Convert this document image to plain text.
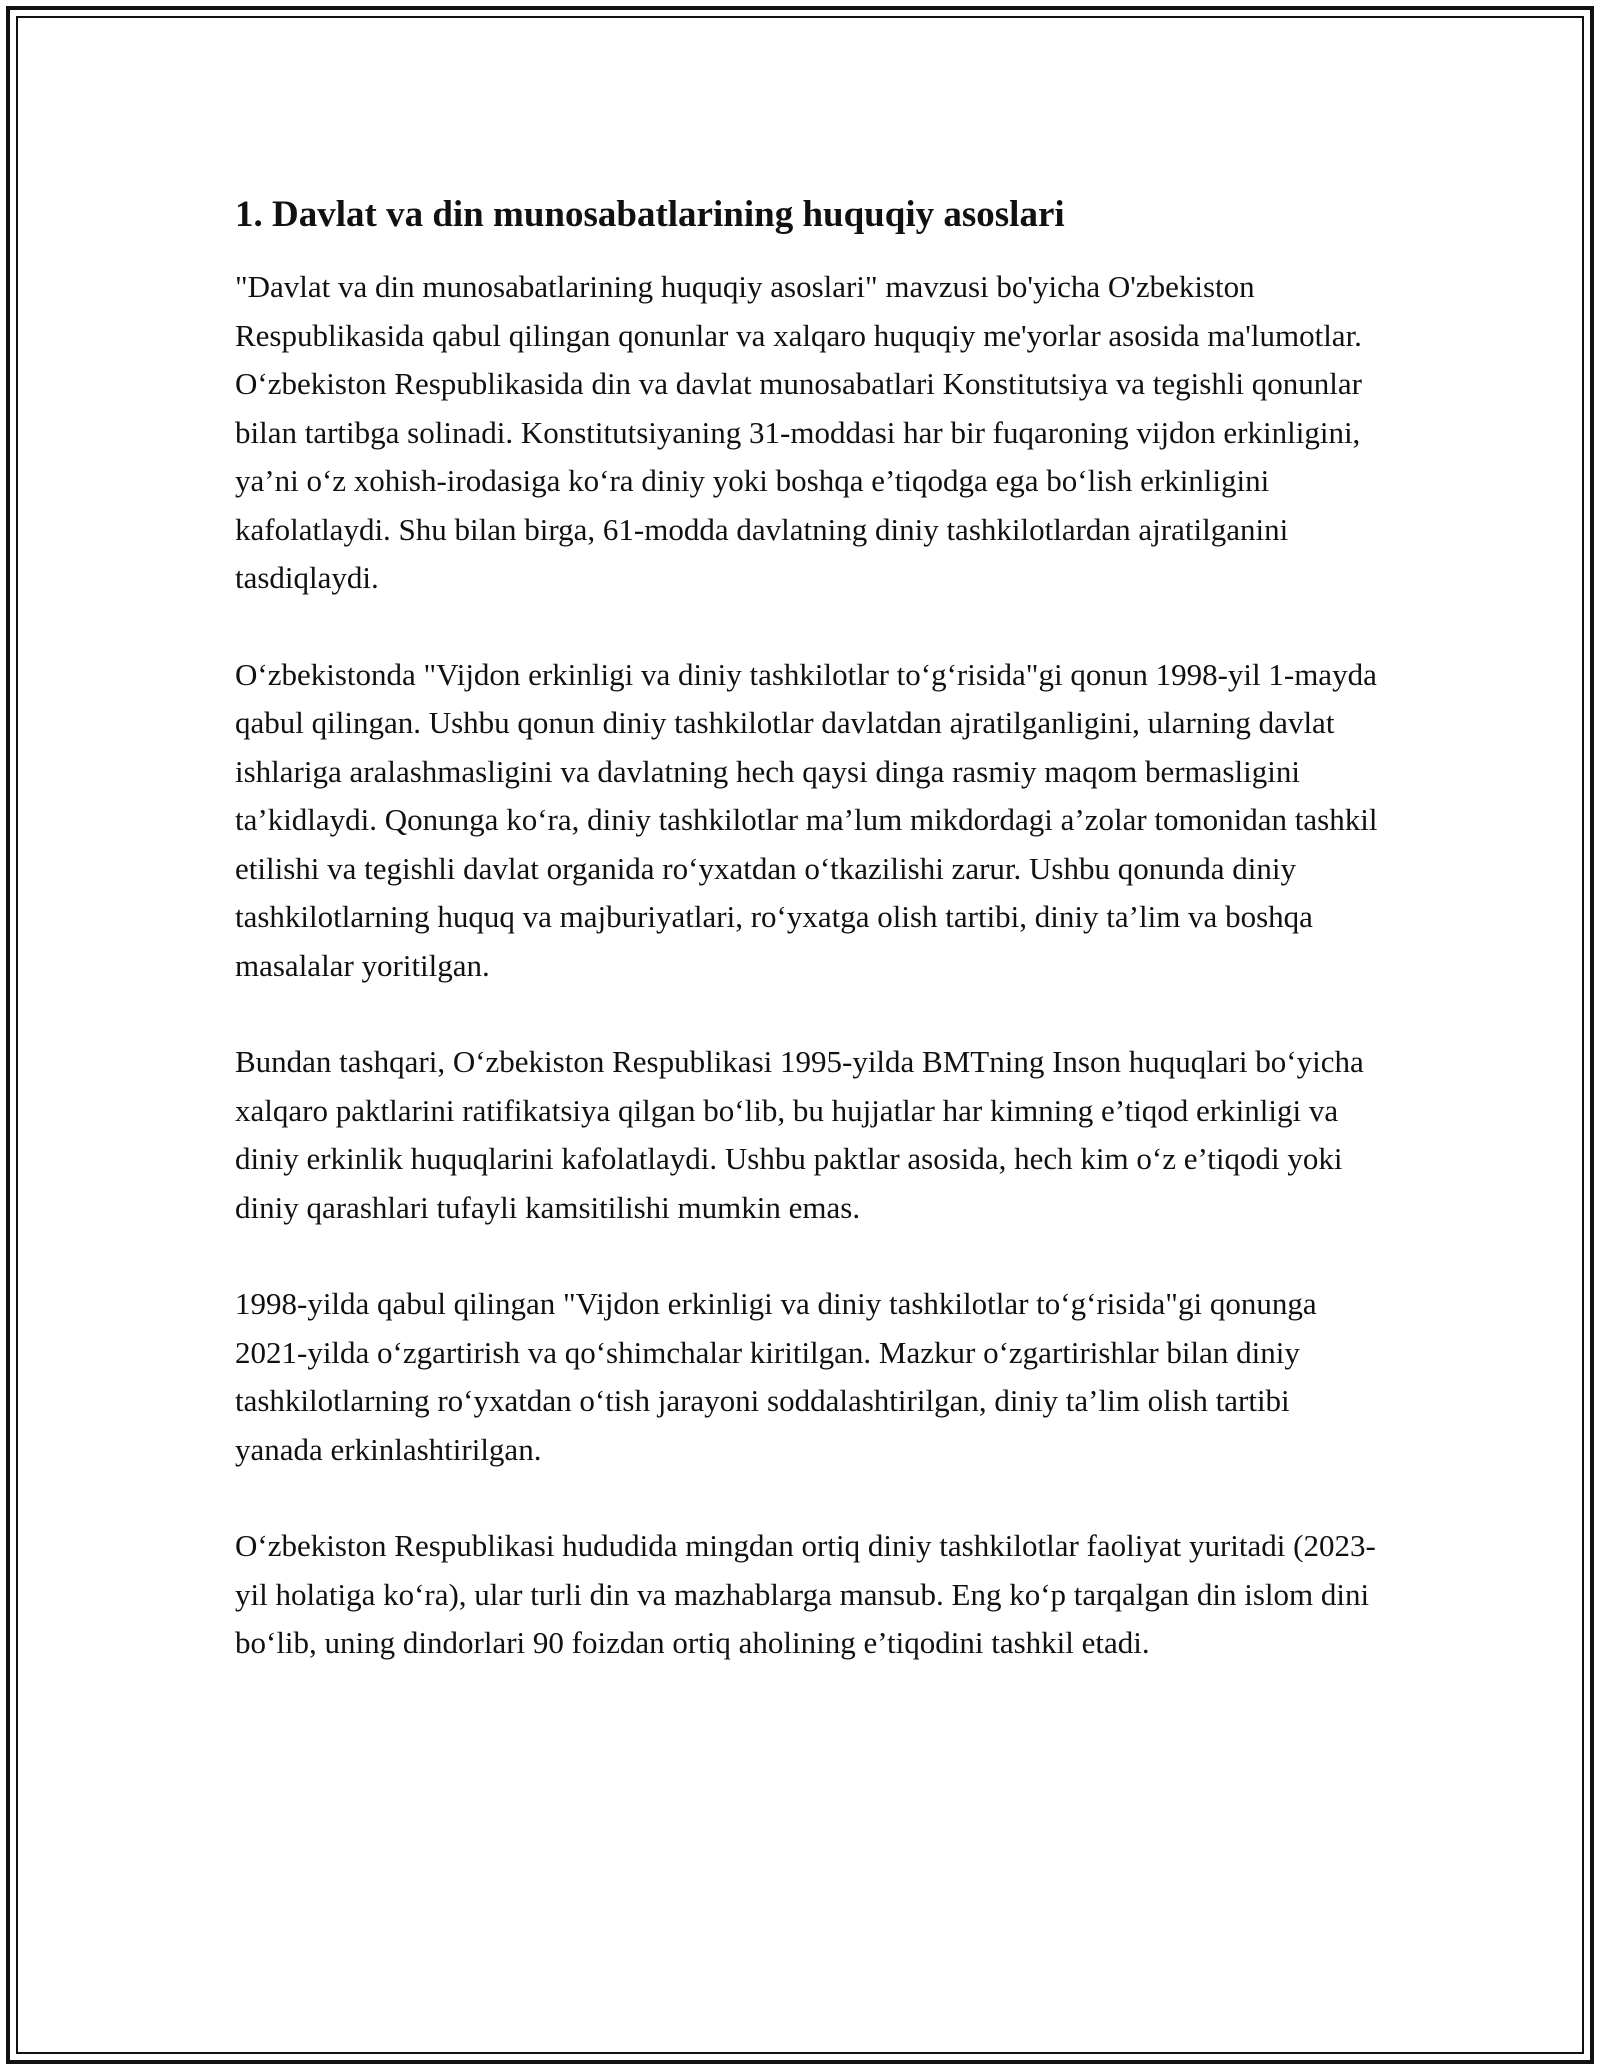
1. Davlat va din munosabatlarining huquqiy asoslari

"Davlat va din munosabatlarining huquqiy asoslari" mavzusi bo'yicha O'zbekiston Respublikasida qabul qilingan qonunlar va xalqaro huquqiy me'yorlar asosida ma'lumotlar. O‘zbekiston Respublikasida din va davlat munosabatlari Konstitutsiya va tegishli qonunlar bilan tartibga solinadi. Konstitutsiyaning 31-moddasi har bir fuqaroning vijdon erkinligini, ya’ni o‘z xohish-irodasiga ko‘ra diniy yoki boshqa e’tiqodga ega bo‘lish erkinligini kafolatlaydi. Shu bilan birga, 61-modda davlatning diniy tashkilotlardan ajratilganini tasdiqlaydi.

O‘zbekistonda "Vijdon erkinligi va diniy tashkilotlar to‘g‘risida"gi qonun 1998-yil 1-mayda qabul qilingan. Ushbu qonun diniy tashkilotlar davlatdan ajratilganligini, ularning davlat ishlariga aralashmasligini va davlatning hech qaysi dinga rasmiy maqom bermasligini ta’kidlaydi. Qonunga ko‘ra, diniy tashkilotlar ma’lum mikdordagi a’zolar tomonidan tashkil etilishi va tegishli davlat organida ro‘yxatdan o‘tkazilishi zarur. Ushbu qonunda diniy tashkilotlarning huquq va majburiyatlari, ro‘yxatga olish tartibi, diniy ta’lim va boshqa masalalar yoritilgan.

Bundan tashqari, O‘zbekiston Respublikasi 1995-yilda BMTning Inson huquqlari bo‘yicha xalqaro paktlarini ratifikatsiya qilgan bo‘lib, bu hujjatlar har kimning e’tiqod erkinligi va diniy erkinlik huquqlarini kafolatlaydi. Ushbu paktlar asosida, hech kim o‘z e’tiqodi yoki diniy qarashlari tufayli kamsitilishi mumkin emas.

1998-yilda qabul qilingan "Vijdon erkinligi va diniy tashkilotlar to‘g‘risida"gi qonunga 2021-yilda o‘zgartirish va qo‘shimchalar kiritilgan. Mazkur o‘zgartirishlar bilan diniy tashkilotlarning ro‘yxatdan o‘tish jarayoni soddalashtirilgan, diniy ta’lim olish tartibi yanada erkinlashtirilgan.

O‘zbekiston Respublikasi hududida mingdan ortiq diniy tashkilotlar faoliyat yuritadi (2023-yil holatiga ko‘ra), ular turli din va mazhablarga mansub. Eng ko‘p tarqalgan din islom dini bo‘lib, uning dindorlari 90 foizdan ortiq aholining e’tiqodini tashkil etadi.
